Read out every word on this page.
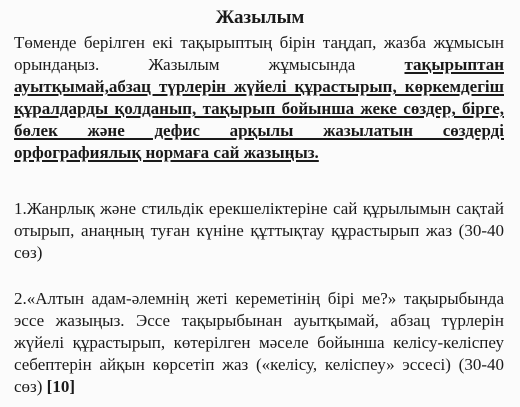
Жазылым
Төменде берілген екі тақырыптың бірін таңдап, жазба жұмысын орындаңыз. Жазылым жұмысында тақырыптан ауытқымай,абзац түрлерін жүйелі құрастырып, көркемдегіш құралдарды қолданып, тақырып бойынша жеке сөздер, бірге, бөлек және дефис арқылы жазылатын сөздерді орфографиялық нормаға сай жазыңыз.
1.Жанрлық және стильдік ерекшеліктеріне сай құрылымын сақтай отырып, анаңның туған күніне құттықтау құрастырып жаз (30-40 сөз)
2.«Алтын адам-әлемнің жеті кереметінің бірі ме?» тақырыбында эссе жазыңыз. Эссе тақырыбынан ауытқымай, абзац түрлерін жүйелі құрастырып, көтерілген мәселе бойынша келісу-келіспеу себептерін айқын көрсетіп жаз («келісу, келіспеу» эссесі) (30-40 сөз) [10]
